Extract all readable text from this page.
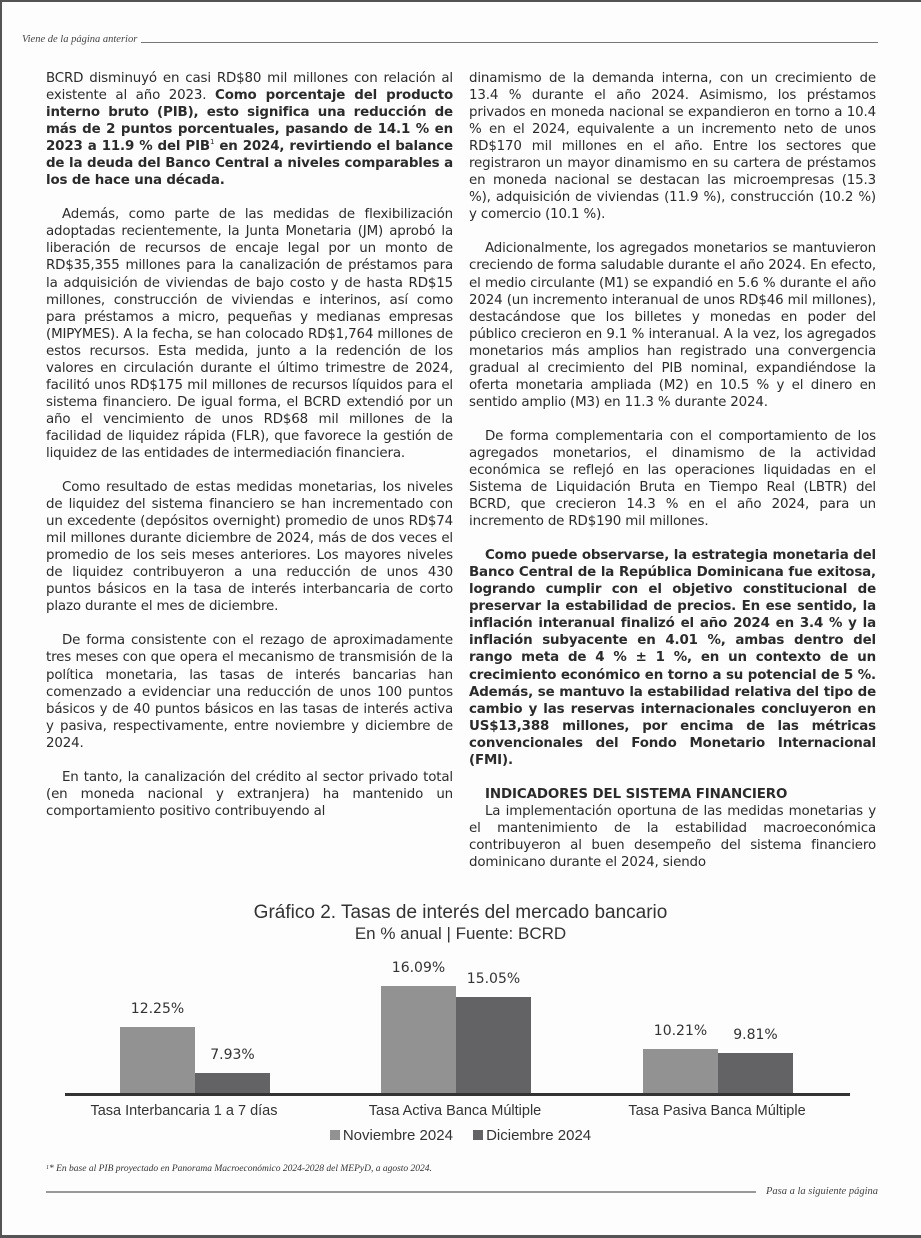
Viene de la página anterior

BCRD disminuyó en casi RD$80 mil millones con relación al existente al año 2023. Como porcentaje del producto interno bruto (PIB), esto significa una reducción de más de 2 puntos porcentuales, pasando de 14.1 % en 2023 a 11.9 % del PIB$^1$ en 2024, revirtiendo el balance de la deuda del Banco Central a niveles comparables a los de hace una década.

Además, como parte de las medidas de flexibilización adoptadas recientemente, la Junta Monetaria (JM) aprobó la liberación de recursos de encaje legal por un monto de RD$35,355 millones para la canalización de préstamos para la adquisición de viviendas de bajo costo y de hasta RD$15 millones, construcción de viviendas e interinos, así como para préstamos a micro, pequeñas y medianas empresas (MIPYMES). A la fecha, se han colocado RD$1,764 millones de estos recursos. Esta medida, junto a la redención de los valores en circulación durante el último trimestre de 2024, facilitó unos RD$175 mil millones de recursos líquidos para el sistema financiero. De igual forma, el BCRD extendió por un año el vencimiento de unos RD$68 mil millones de la facilidad de liquidez rápida (FLR), que favorece la gestión de liquidez de las entidades de intermediación financiera.

Como resultado de estas medidas monetarias, los niveles de liquidez del sistema financiero se han incrementado con un excedente (depósitos overnight) promedio de unos RD$74 mil millones durante diciembre de 2024, más de dos veces el promedio de los seis meses anteriores. Los mayores niveles de liquidez contribuyeron a una reducción de unos 430 puntos básicos en la tasa de interés interbancaria de corto plazo durante el mes de diciembre.

De forma consistente con el rezago de aproximadamente tres meses con que opera el mecanismo de transmisión de la política monetaria, las tasas de interés bancarias han comenzado a evidenciar una reducción de unos 100 puntos básicos y de 40 puntos básicos en las tasas de interés activa y pasiva, respectivamente, entre noviembre y diciembre de 2024.

En tanto, la canalización del crédito al sector privado total (en moneda nacional y extranjera) ha mantenido un comportamiento positivo contribuyendo al

dinamismo de la demanda interna, con un crecimiento de 13.4 % durante el año 2024. Asimismo, los préstamos privados en moneda nacional se expandieron en torno a 10.4 % en el 2024, equivalente a un incremento neto de unos RD$170 mil millones en el año. Entre los sectores que registraron un mayor dinamismo en su cartera de préstamos en moneda nacional se destacan las microempresas (15.3 %), adquisición de viviendas (11.9 %), construcción (10.2 %) y comercio (10.1 %).

Adicionalmente, los agregados monetarios se mantuvieron creciendo de forma saludable durante el año 2024. En efecto, el medio circulante (M1) se expandió en 5.6 % durante el año 2024 (un incremento interanual de unos RD$46 mil millones), destacándose que los billetes y monedas en poder del público crecieron en 9.1 % interanual. A la vez, los agregados monetarios más amplios han registrado una convergencia gradual al crecimiento del PIB nominal, expandiéndose la oferta monetaria ampliada (M2) en 10.5 % y el dinero en sentido amplio (M3) en 11.3 % durante 2024.

De forma complementaria con el comportamiento de los agregados monetarios, el dinamismo de la actividad económica se reflejó en las operaciones liquidadas en el Sistema de Liquidación Bruta en Tiempo Real (LBTR) del BCRD, que crecieron 14.3 % en el año 2024, para un incremento de RD$190 mil millones.

Como puede observarse, la estrategia monetaria del Banco Central de la República Dominicana fue exitosa, logrando cumplir con el objetivo constitucional de preservar la estabilidad de precios. En ese sentido, la inflación interanual finalizó el año 2024 en 3.4 % y la inflación subyacente en 4.01 %, ambas dentro del rango meta de 4 % ± 1 %, en un contexto de un crecimiento económico en torno a su potencial de 5 %. Además, se mantuvo la estabilidad relativa del tipo de cambio y las reservas internacionales concluyeron en US$13,388 millones, por encima de las métricas convencionales del Fondo Monetario Internacional (FMI).

INDICADORES DEL SISTEMA FINANCIERO

La implementación oportuna de las medidas monetarias y el mantenimiento de la estabilidad macroeconómica contribuyeron al buen desempeño del sistema financiero dominicano durante el 2024, siendo

Gráfico 2. Tasas de interés del mercado bancario
En % anual | Fuente: BCRD
12.25%
16.09%
10.21%
7.93%
15.05%
9.81%
Tasa Interbancaria 1 a 7 días	Tasa Activa Banca Múltiple	Tasa Pasiva Banca Múltiple
Noviembre 2024 Diciembre 2024
$^1$* En base al PIB proyectado en Panorama Macroeconómico 2024-2028 del MEPyD, a agosto 2024.
Pasa a la siguiente página
